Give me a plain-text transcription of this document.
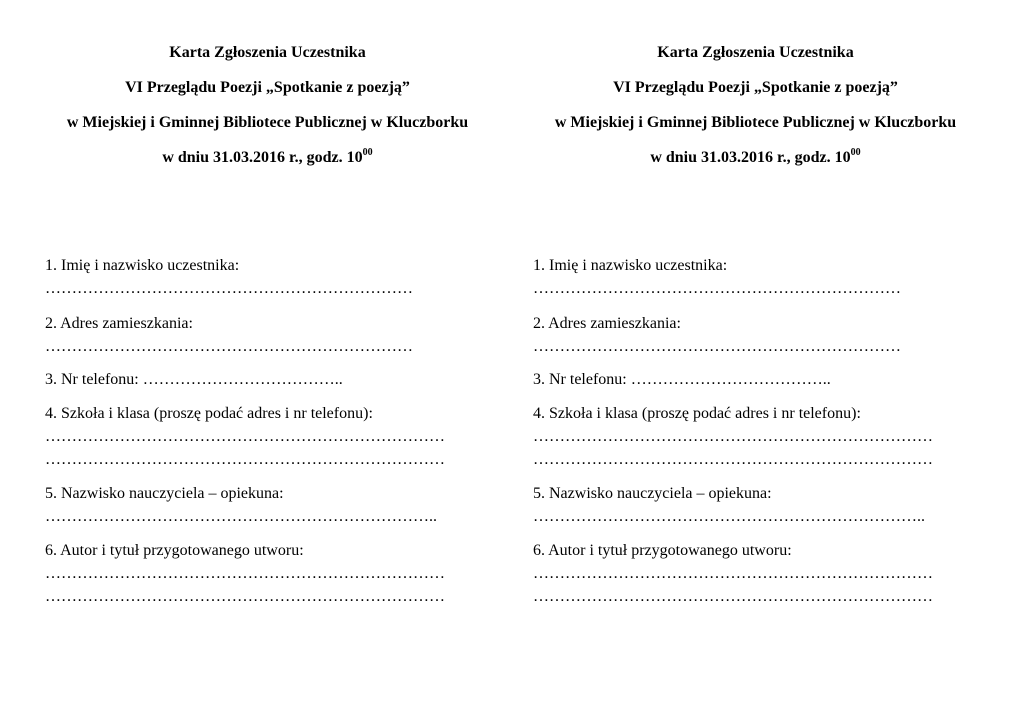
Karta Zgłoszenia Uczestnika
VI Przeglądu Poezji „Spotkanie z poezją”
w Miejskiej i Gminnej Bibliotece Publicznej w Kluczborku
w dniu 31.03.2016 r., godz. $10^{00}$
1. Imię i nazwisko uczestnika:
……………………………………………………………
2. Adres zamieszkania:
……………………………………………………………
3. Nr telefonu: ………………………………..
4. Szkoła i klasa (proszę podać adres i nr telefonu):
…………………………………………………………………
…………………………………………………………………
5. Nazwisko nauczyciela – opiekuna:
………………………………………………………………..
6. Autor i tytuł przygotowanego utworu:
…………………………………………………………………
…………………………………………………………………
Karta Zgłoszenia Uczestnika
VI Przeglądu Poezji „Spotkanie z poezją”
w Miejskiej i Gminnej Bibliotece Publicznej w Kluczborku
w dniu 31.03.2016 r., godz. $10^{00}$
1. Imię i nazwisko uczestnika:
……………………………………………………………
2. Adres zamieszkania:
……………………………………………………………
3. Nr telefonu: ………………………………..
4. Szkoła i klasa (proszę podać adres i nr telefonu):
…………………………………………………………………
…………………………………………………………………
5. Nazwisko nauczyciela – opiekuna:
………………………………………………………………..
6. Autor i tytuł przygotowanego utworu:
…………………………………………………………………
…………………………………………………………………
